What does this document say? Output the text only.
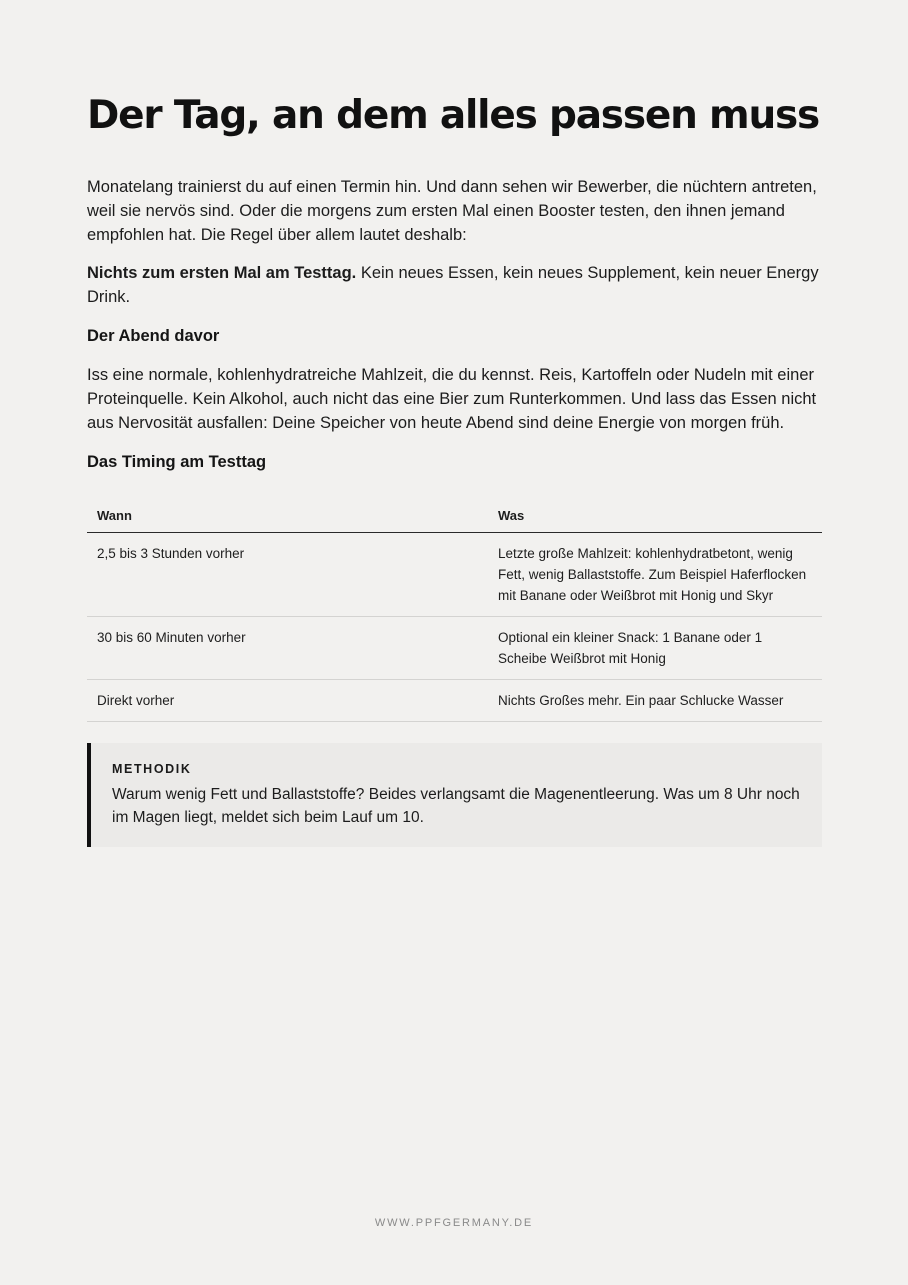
Der Tag, an dem alles passen muss

Monatelang trainierst du auf einen Termin hin. Und dann sehen wir Bewerber, die nüchtern antreten, weil sie nervös sind. Oder die morgens zum ersten Mal einen Booster testen, den ihnen jemand empfohlen hat. Die Regel über allem lautet deshalb:

Nichts zum ersten Mal am Testtag. Kein neues Essen, kein neues Supplement, kein neuer Energy Drink.

Der Abend davor

Iss eine normale, kohlenhydratreiche Mahlzeit, die du kennst. Reis, Kartoffeln oder Nudeln mit einer Proteinquelle. Kein Alkohol, auch nicht das eine Bier zum Runterkommen. Und lass das Essen nicht aus Nervosität ausfallen: Deine Speicher von heute Abend sind deine Energie von morgen früh.

Das Timing am Testtag
Wann	Was
2,5 bis 3 Stunden vorher	Letzte große Mahlzeit: kohlenhydratbetont, wenig Fett, wenig Ballaststoffe. Zum Beispiel Haferflocken mit Banane oder Weißbrot mit Honig und Skyr
30 bis 60 Minuten vorher	Optional ein kleiner Snack: 1 Banane oder 1 Scheibe Weißbrot mit Honig
Direkt vorher	Nichts Großes mehr. Ein paar Schlucke Wasser
METHODIK
Warum wenig Fett und Ballaststoffe? Beides verlangsamt die Magenentleerung. Was um 8 Uhr noch im Magen liegt, meldet sich beim Lauf um 10.
WWW.PPFGERMANY.DE
